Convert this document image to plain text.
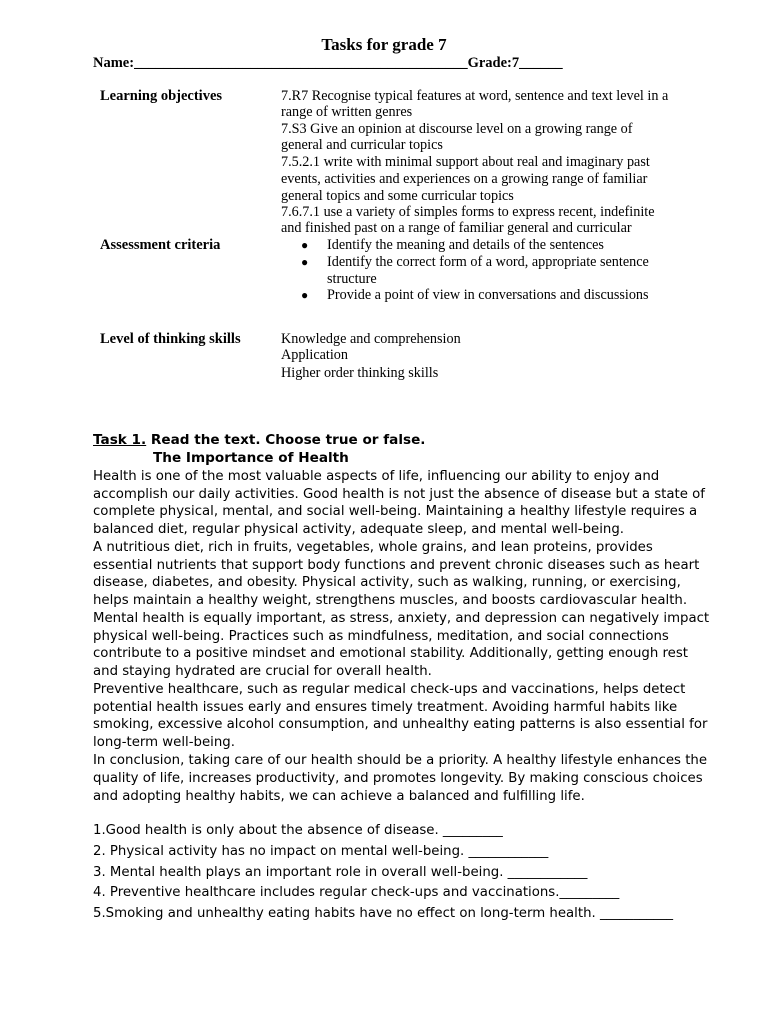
Tasks for grade 7
Name:______________________________________________Grade:7______
Learning objectives	7.R7 Recognise typical features at word, sentence and text level in a
range of written genres
7.S3 Give an opinion at discourse level on a growing range of
general and curricular topics
7.5.2.1 write with minimal support about real and imaginary past
events, activities and experiences on a growing range of familiar
general topics and some curricular topics
7.6.7.1 use a variety of simples forms to express recent, indefinite
and finished past on a range of familiar general and curricular
Assessment criteria	● Identify the meaning and details of the sentences
● Identify the correct form of a word, appropriate sentence structure
● Provide a point of view in conversations and discussions
Level of thinking skills	Knowledge and comprehension
Application
Higher order thinking skills
Task 1. Read the text. Choose true or false.
The Importance of Health
Health is one of the most valuable aspects of life, influencing our ability to enjoy and
accomplish our daily activities. Good health is not just the absence of disease but a state of
complete physical, mental, and social well-being. Maintaining a healthy lifestyle requires a
balanced diet, regular physical activity, adequate sleep, and mental well-being.
A nutritious diet, rich in fruits, vegetables, whole grains, and lean proteins, provides
essential nutrients that support body functions and prevent chronic diseases such as heart
disease, diabetes, and obesity. Physical activity, such as walking, running, or exercising,
helps maintain a healthy weight, strengthens muscles, and boosts cardiovascular health.
Mental health is equally important, as stress, anxiety, and depression can negatively impact
physical well-being. Practices such as mindfulness, meditation, and social connections
contribute to a positive mindset and emotional stability. Additionally, getting enough rest
and staying hydrated are crucial for overall health.
Preventive healthcare, such as regular medical check-ups and vaccinations, helps detect
potential health issues early and ensures timely treatment. Avoiding harmful habits like
smoking, excessive alcohol consumption, and unhealthy eating patterns is also essential for
long-term well-being.
In conclusion, taking care of our health should be a priority. A healthy lifestyle enhances the
quality of life, increases productivity, and promotes longevity. By making conscious choices
and adopting healthy habits, we can achieve a balanced and fulfilling life.
1.Good health is only about the absence of disease. _________
2. Physical activity has no impact on mental well-being. ____________
3. Mental health plays an important role in overall well-being. ____________
4. Preventive healthcare includes regular check-ups and vaccinations._________
5.Smoking and unhealthy eating habits have no effect on long-term health. ___________
